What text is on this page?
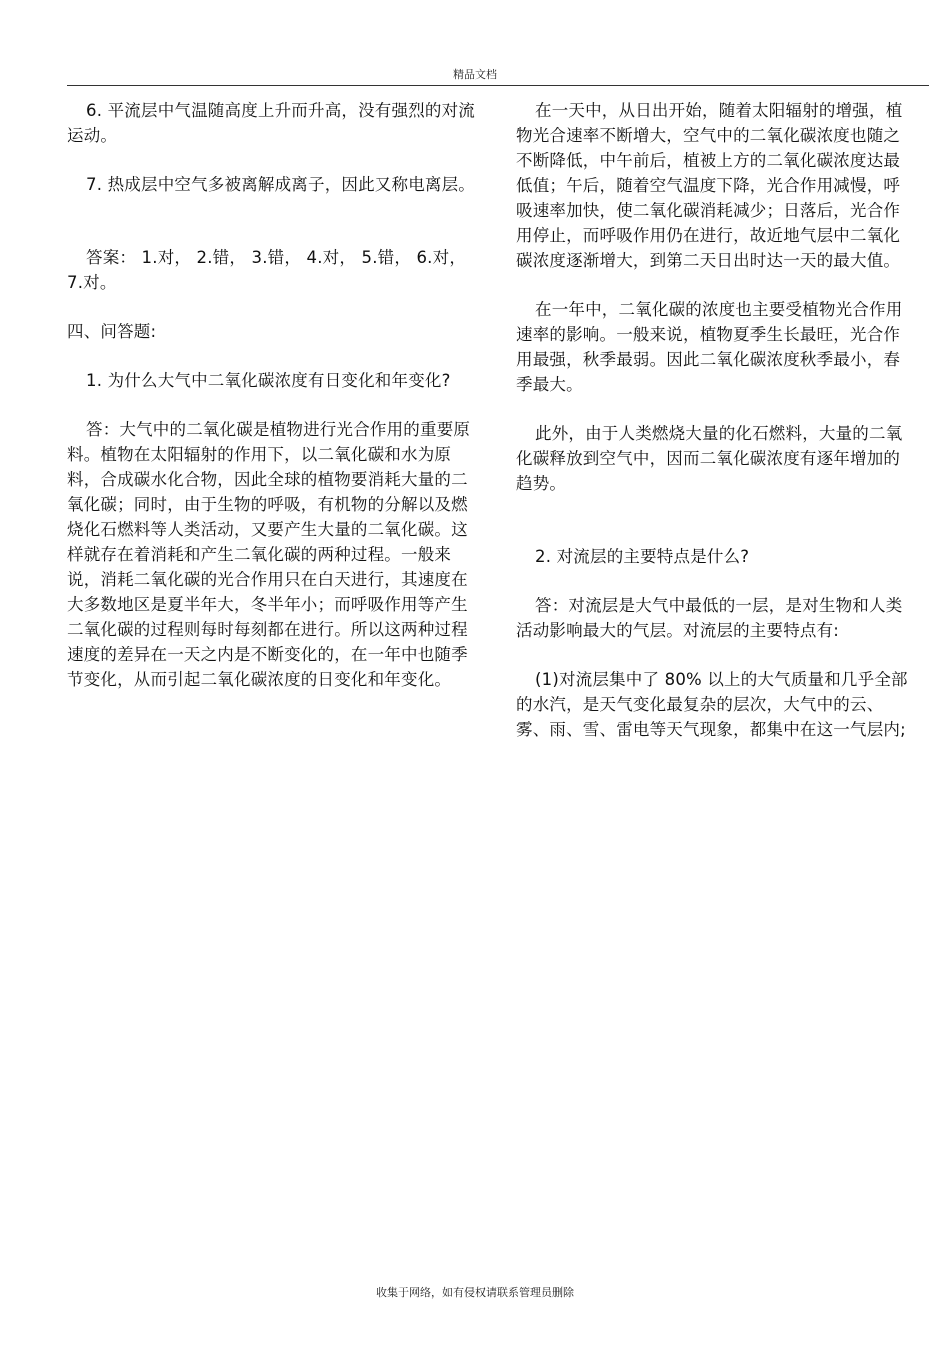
精品文档

6. 平流层中气温随高度上升而升高，没有强烈的对流运动。

7. 热成层中空气多被离解成离子，因此又称电离层。

答案： 1.对， 2.错， 3.错， 4.对， 5.错， 6.对， 7.对。

四、问答题:

1. 为什么大气中二氧化碳浓度有日变化和年变化?

答：大气中的二氧化碳是植物进行光合作用的重要原料。植物在太阳辐射的作用下，以二氧化碳和水为原料，合成碳水化合物，因此全球的植物要消耗大量的二氧化碳；同时，由于生物的呼吸，有机物的分解以及燃烧化石燃料等人类活动，又要产生大量的二氧化碳。这样就存在着消耗和产生二氧化碳的两种过程。一般来说，消耗二氧化碳的光合作用只在白天进行，其速度在大多数地区是夏半年大，冬半年小；而呼吸作用等产生二氧化碳的过程则每时每刻都在进行。所以这两种过程速度的差异在一天之内是不断变化的，在一年中也随季节变化，从而引起二氧化碳浓度的日变化和年变化。

在一天中，从日出开始，随着太阳辐射的增强，植物光合速率不断增大，空气中的二氧化碳浓度也随之不断降低，中午前后，植被上方的二氧化碳浓度达最低值；午后，随着空气温度下降，光合作用减慢，呼吸速率加快，使二氧化碳消耗减少；日落后，光合作用停止，而呼吸作用仍在进行，故近地气层中二氧化碳浓度逐渐增大，到第二天日出时达一天的最大值。

在一年中，二氧化碳的浓度也主要受植物光合作用速率的影响。一般来说，植物夏季生长最旺，光合作用最强，秋季最弱。因此二氧化碳浓度秋季最小，春季最大。

此外，由于人类燃烧大量的化石燃料，大量的二氧化碳释放到空气中，因而二氧化碳浓度有逐年增加的趋势。

2. 对流层的主要特点是什么?

答：对流层是大气中最低的一层，是对生物和人类活动影响最大的气层。对流层的主要特点有:

(1)对流层集中了 80% 以上的大气质量和几乎全部的水汽，是天气变化最复杂的层次，大气中的云、雾、雨、雪、雷电等天气现象，都集中在这一气层内;

收集于网络，如有侵权请联系管理员删除
